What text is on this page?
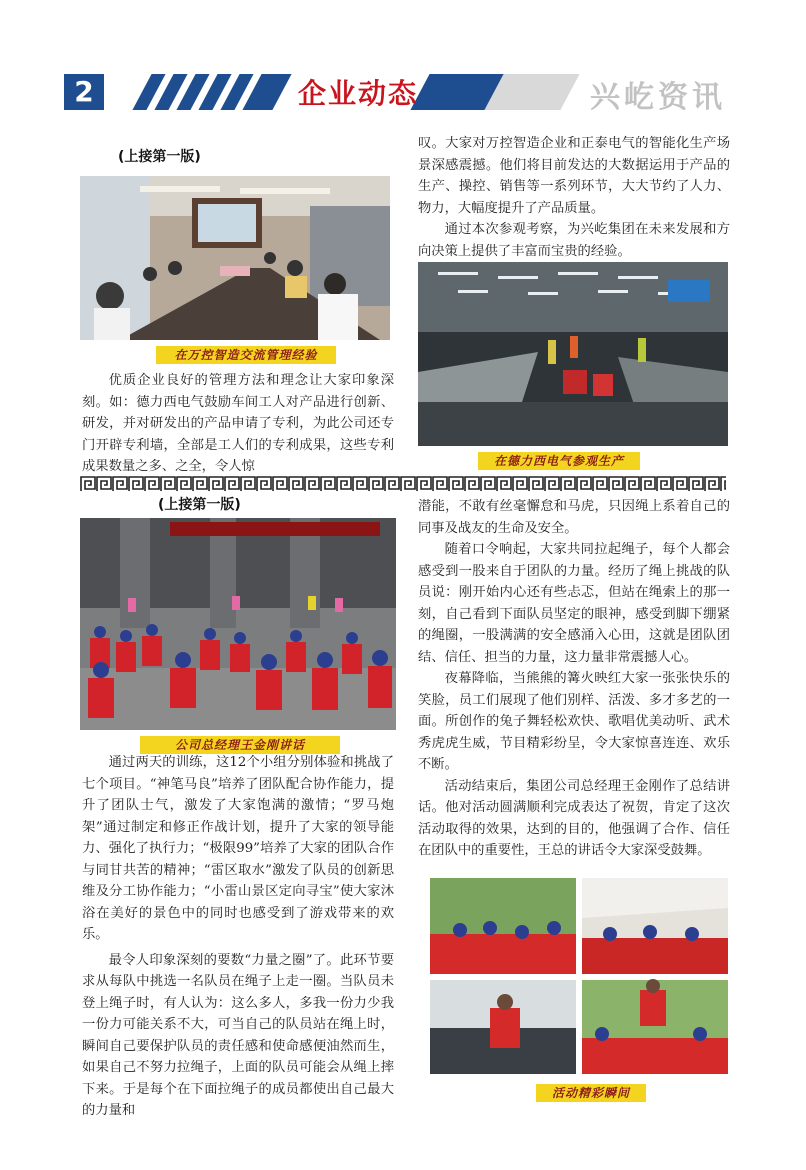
2	企业动态	兴屹资讯
(上接第一版)
在万控智造交流管理经验

优质企业良好的管理方法和理念让大家印象深刻。如：德力西电气鼓励车间工人对产品进行创新、研发，并对研发出的产品申请了专利，为此公司还专门开辟专利墙，全部是工人们的专利成果，这些专利成果数量之多、之全，令人惊

叹。大家对万控智造企业和正泰电气的智能化生产场景深感震撼。他们将目前发达的大数据运用于产品的生产、操控、销售等一系列环节，大大节约了人力、物力，大幅度提升了产品质量。

通过本次参观考察，为兴屹集团在未来发展和方向决策上提供了丰富而宝贵的经验。

在德力西电气参观生产
(上接第一版)
公司总经理王金刚讲话

通过两天的训练，这12个小组分别体验和挑战了七个项目。“神笔马良”培养了团队配合协作能力，提升了团队士气，激发了大家饱满的激情；“罗马炮架”通过制定和修正作战计划，提升了大家的领导能力、强化了执行力；“极限99”培养了大家的团队合作与同甘共苦的精神；“雷区取水”激发了队员的创新思维及分工协作能力；“小雷山景区定向寻宝”使大家沐浴在美好的景色中的同时也感受到了游戏带来的欢乐。

最令人印象深刻的要数“力量之圈”了。此环节要求从每队中挑选一名队员在绳子上走一圈。当队员未登上绳子时，有人认为：这么多人，多我一份力少我一份力可能关系不大，可当自己的队员站在绳上时，瞬间自己要保护队员的责任感和使命感便油然而生，如果自己不努力拉绳子，上面的队员可能会从绳上摔下来。于是每个在下面拉绳子的成员都使出自己最大的力量和

潜能，不敢有丝毫懈怠和马虎，只因绳上系着自己的同事及战友的生命及安全。

随着口令响起，大家共同拉起绳子，每个人都会感受到一股来自于团队的力量。经历了绳上挑战的队员说：刚开始内心还有些忐忑，但站在绳索上的那一刻，自己看到下面队员坚定的眼神，感受到脚下绷紧的绳圈，一股满满的安全感涌入心田，这就是团队团结、信任、担当的力量，这力量非常震撼人心。

夜幕降临，当熊熊的篝火映红大家一张张快乐的笑脸，员工们展现了他们别样、活泼、多才多艺的一面。所创作的兔子舞轻松欢快、歌唱优美动听、武术秀虎虎生威，节目精彩纷呈，令大家惊喜连连、欢乐不断。

活动结束后，集团公司总经理王金刚作了总结讲话。他对活动圆满顺利完成表达了祝贺，肯定了这次活动取得的效果，达到的目的，他强调了合作、信任在团队中的重要性，王总的讲话令大家深受鼓舞。

活动精彩瞬间
